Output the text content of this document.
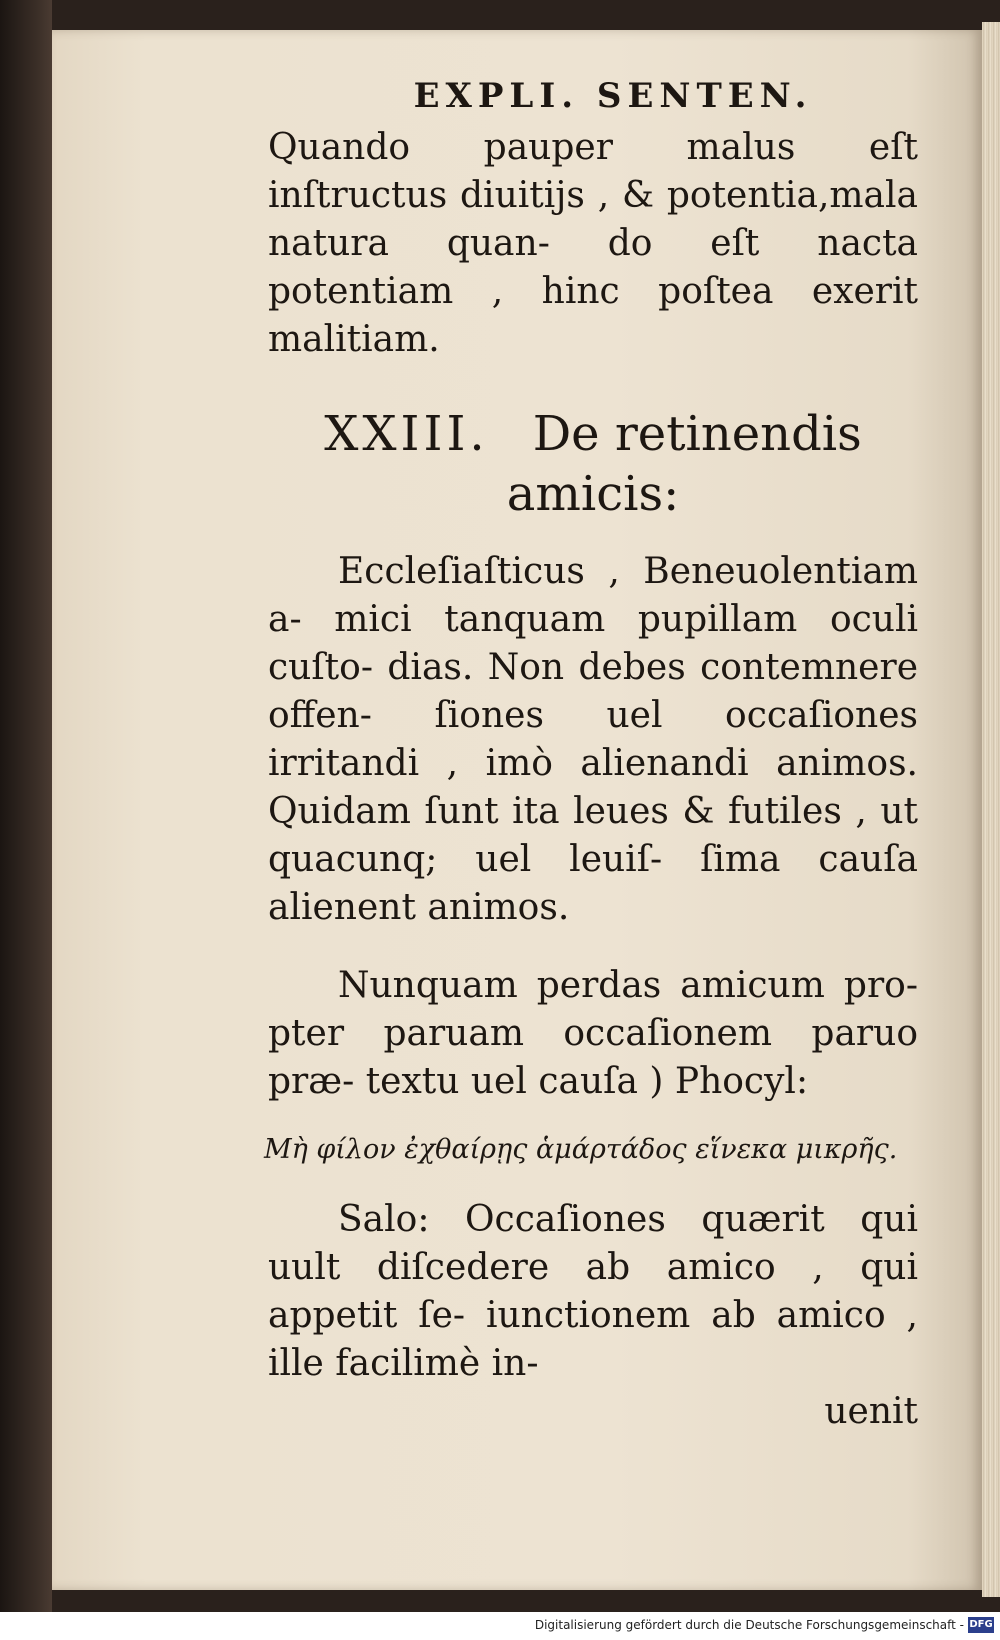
EXPLI. SENTEN.

Quando pauper malus eſt inſtructus diuitijs , & potentia,mala natura quan‑ do eſt nacta potentiam , hinc poſtea exerit malitiam.

XXIII. De retinendis amicis:

Eccleſiaſticus , Beneuolentiam a‑ mici tanquam pupillam oculi cuſto‑ dias. Non debes contemnere offen‑ ſiones uel occaſiones irritandi , imò alienandi animos. Quidam ſunt ita leues & futiles , ut quacunq; uel leuiſ‑ ſima cauſa alienent animos.

Nunquam perdas amicum pro‑ pter paruam occaſionem paruo præ‑ textu uel cauſa ) Phocyl:

Μὴ φίλον ἐχθαίρῃς ἁμάρτάδος εἵνεκα μικρῆς.

Salo: Occaſiones quærit qui uult diſcedere ab amico , qui appetit ſe‑ iunctionem ab amico , ille facilimè in‑

uenit
Digitalisierung gefördert durch die Deutsche Forschungsgemeinschaft - DFG
